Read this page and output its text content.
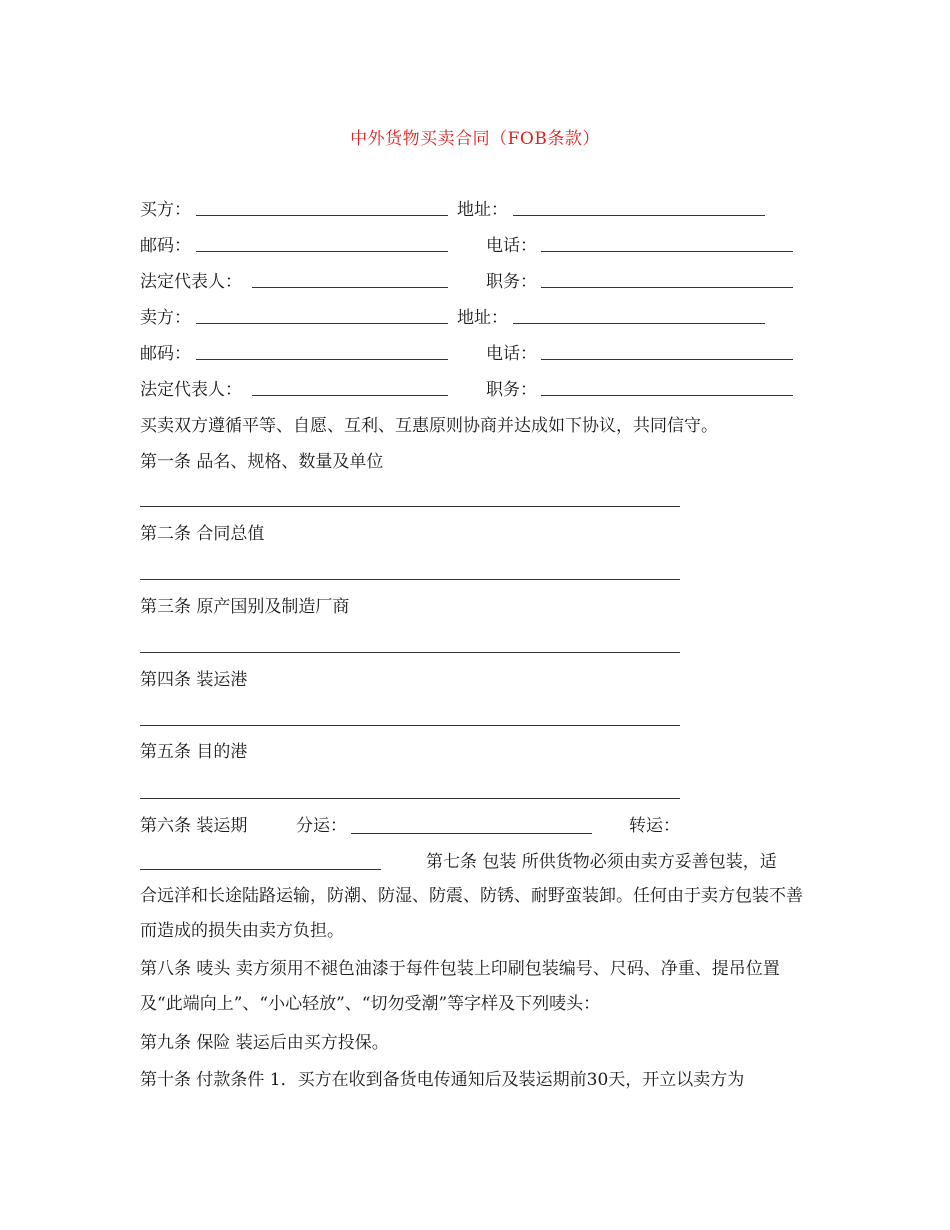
中外货物买卖合同（FOB条款）
买方：	地址：
邮码：	电话：
法定代表人：	职务：
卖方：	地址：
邮码：	电话：
法定代表人：	职务：
买卖双方遵循平等、自愿、互利、互惠原则协商并达成如下协议，共同信守。
第一条 品名、规格、数量及单位
第二条 合同总值
第三条 原产国别及制造厂商
第四条 装运港
第五条 目的港
第六条 装运期	分运：	转运：
第七条 包装 所供货物必须由卖方妥善包装，适
合远洋和长途陆路运输，防潮、防湿、防震、防锈、耐野蛮装卸。任何由于卖方包装不善而造成的损失由卖方负担。
第八条 唛头 卖方须用不褪色油漆于每件包装上印刷包装编号、尺码、净重、提吊位置及“此端向上”、“小心轻放”、“切勿受潮”等字样及下列唛头：
第九条 保险 装运后由买方投保。
第十条 付款条件 1．买方在收到备货电传通知后及装运期前30天，开立以卖方为
